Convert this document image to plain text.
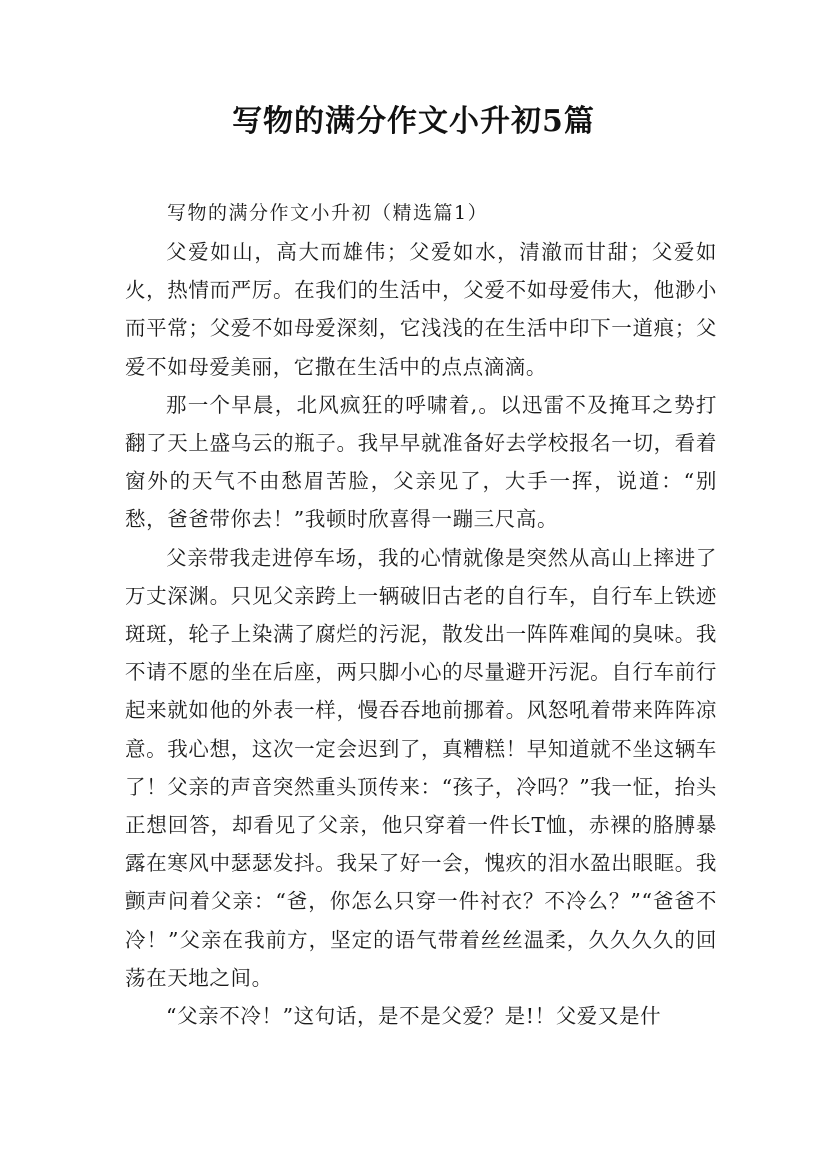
写物的满分作文小升初5篇
写物的满分作文小升初（精选篇1）

父爱如山，高大而雄伟；父爱如水，清澈而甘甜；父爱如火，热情而严厉。在我们的生活中，父爱不如母爱伟大，他渺小而平常；父爱不如母爱深刻，它浅浅的在生活中印下一道痕；父爱不如母爱美丽，它撒在生活中的点点滴滴。

那一个早晨，北风疯狂的呼啸着,。以迅雷不及掩耳之势打翻了天上盛乌云的瓶子。我早早就准备好去学校报名一切，看着窗外的天气不由愁眉苦脸，父亲见了，大手一挥，说道：“别愁，爸爸带你去！”我顿时欣喜得一蹦三尺高。

父亲带我走进停车场，我的心情就像是突然从高山上摔进了万丈深渊。只见父亲跨上一辆破旧古老的自行车，自行车上铁迹斑斑，轮子上染满了腐烂的污泥，散发出一阵阵难闻的臭味。我不请不愿的坐在后座，两只脚小心的尽量避开污泥。自行车前行起来就如他的外表一样，慢吞吞地前挪着。风怒吼着带来阵阵凉意。我心想，这次一定会迟到了，真糟糕！早知道就不坐这辆车了！父亲的声音突然重头顶传来：“孩子，冷吗？”我一怔，抬头正想回答，却看见了父亲，他只穿着一件长T恤，赤裸的胳膊暴露在寒风中瑟瑟发抖。我呆了好一会，愧疚的泪水盈出眼眶。我颤声问着父亲：“爸，你怎么只穿一件衬衣？不冷么？”“爸爸不冷！”父亲在我前方，坚定的语气带着丝丝温柔，久久久久的回荡在天地之间。

“父亲不冷！”这句话，是不是父爱？是!！父爱又是什
